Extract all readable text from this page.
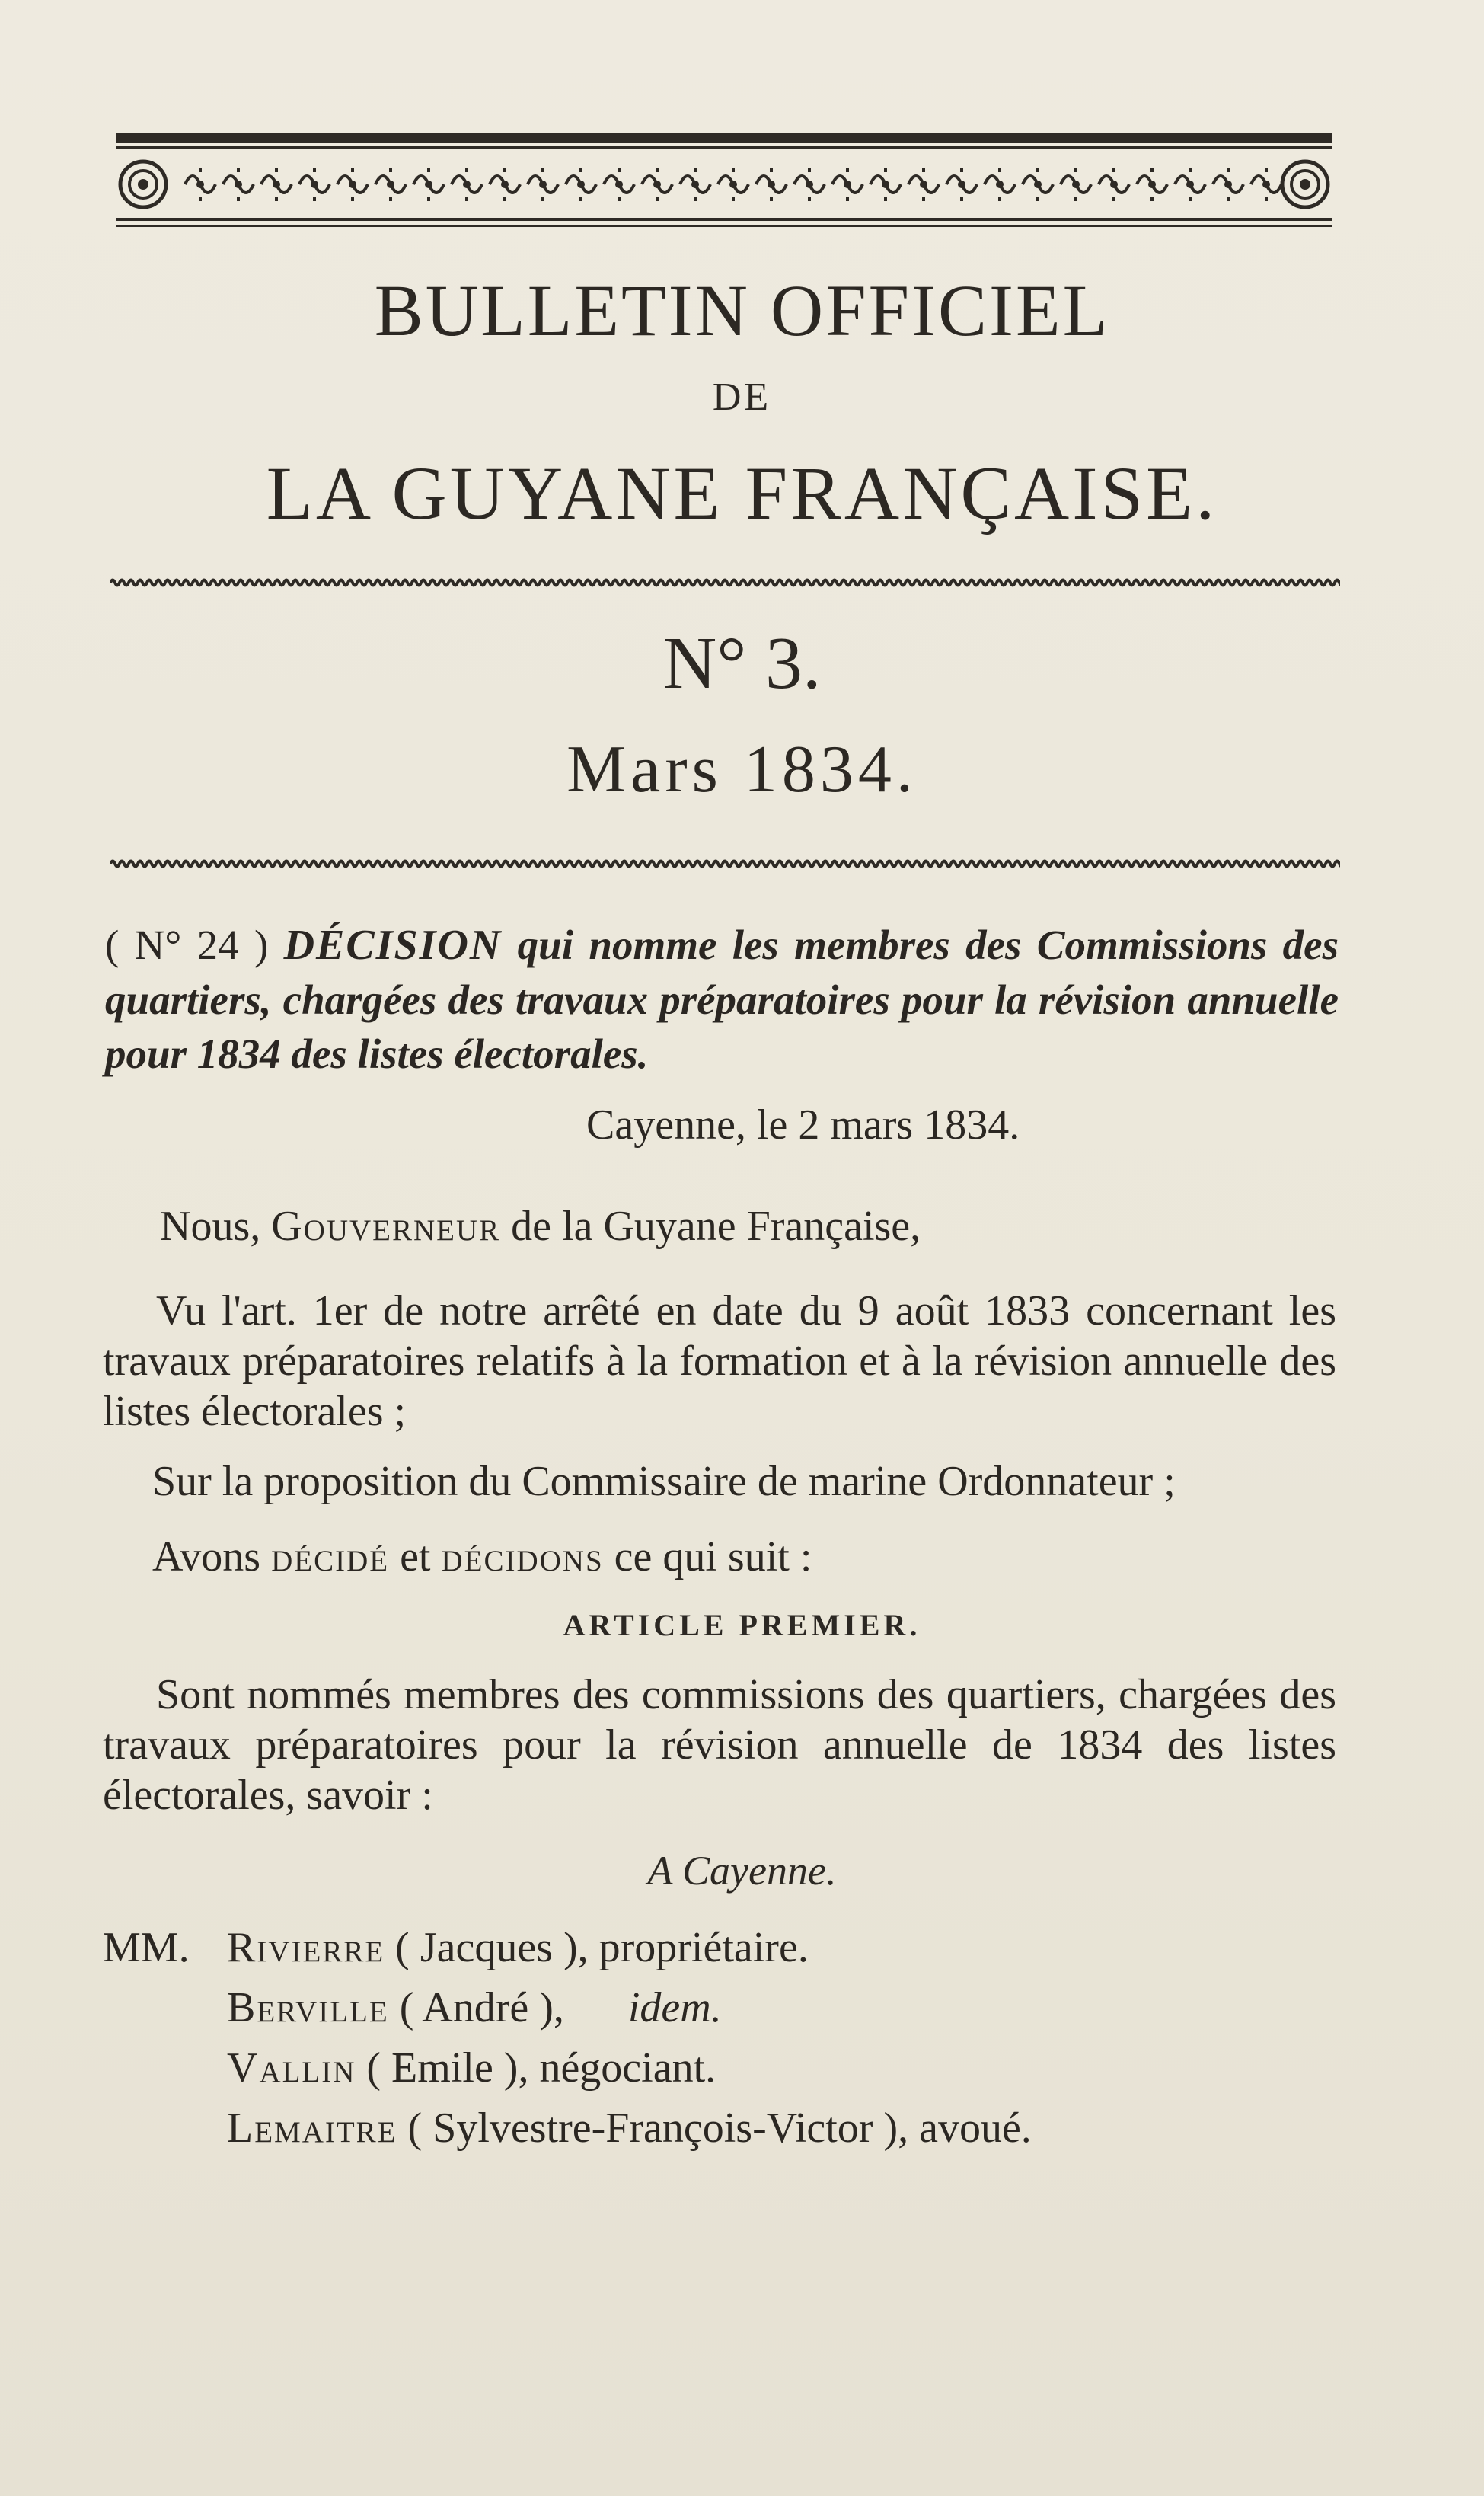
BULLETIN OFFICIEL
DE
LA GUYANE FRANÇAISE.
N° 3.
Mars 1834.
( N° 24 ) DÉCISION qui nomme les membres des Commissions des quartiers, chargées des travaux préparatoires pour la révision annuelle pour 1834 des listes électorales.
Cayenne, le 2 mars 1834.
Nous, Gouverneur de la Guyane Française,
Vu l'art. 1er de notre arrêté en date du 9 août 1833 concernant les travaux préparatoires relatifs à la formation et à la révision annuelle des listes électorales ;
Sur la proposition du Commissaire de marine Ordonnateur ;
Avons décidé et décidons ce qui suit :
ARTICLE PREMIER.
Sont nommés membres des commissions des quartiers, chargées des travaux préparatoires pour la révision annuelle de 1834 des listes électorales, savoir :
A Cayenne.
MM. Rivierre ( Jacques ), propriétaire.
Berville ( André ), idem.
Vallin ( Emile ), négociant.
Lemaitre ( Sylvestre-François-Victor ), avoué.
